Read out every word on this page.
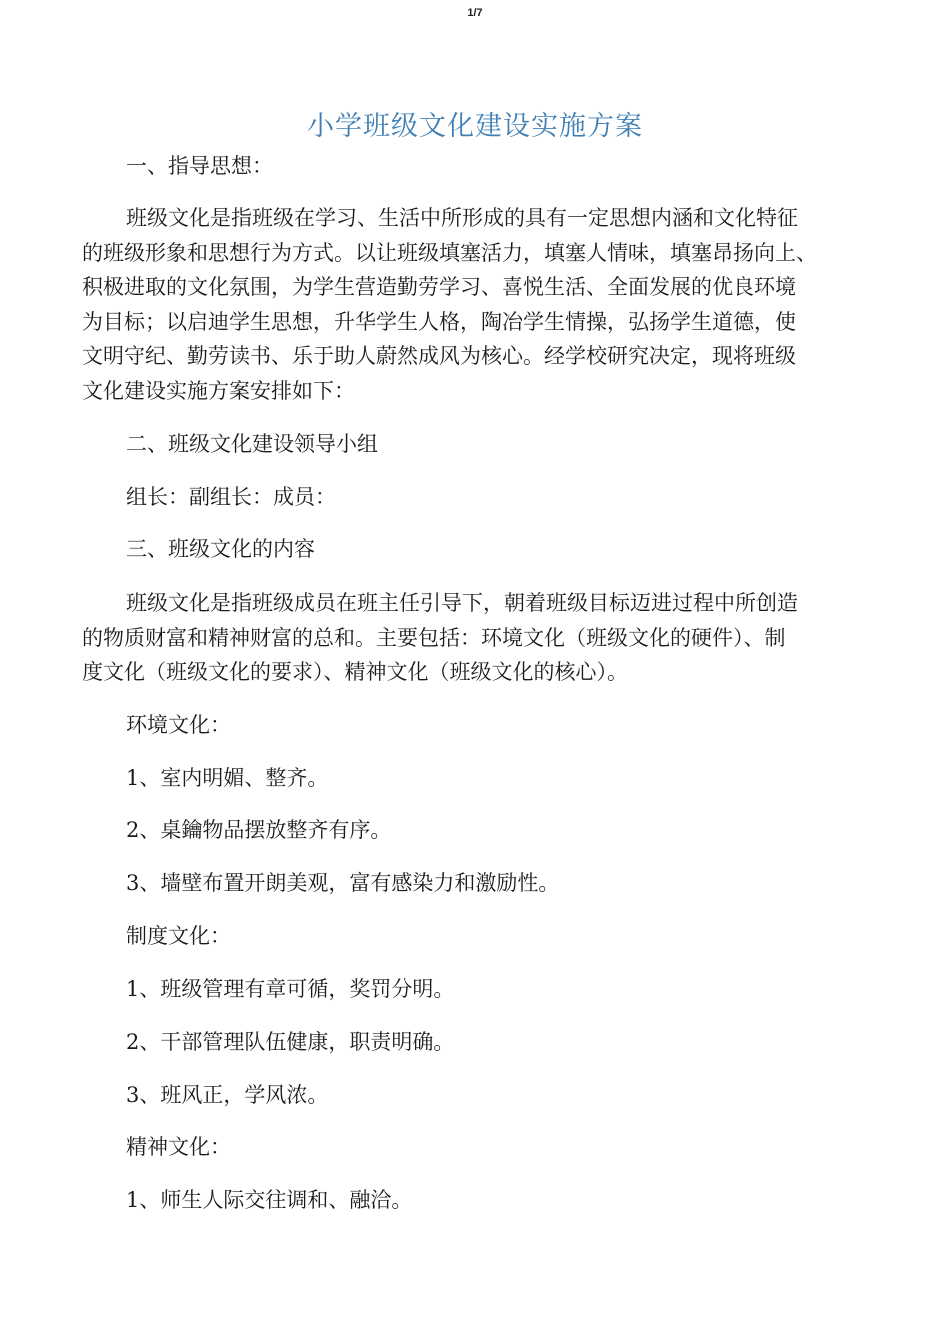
1/7
小学班级文化建设实施方案
一、指导思想：
班级文化是指班级在学习、生活中所形成的具有一定思想内涵和文化特征
的班级形象和思想行为方式。以让班级填塞活力，填塞人情味，填塞昂扬向上、
积极进取的文化氛围，为学生营造勤劳学习、喜悦生活、全面发展的优良环境
为目标；以启迪学生思想，升华学生人格，陶冶学生情操，弘扬学生道德，使
文明守纪、勤劳读书、乐于助人蔚然成风为核心。经学校研究决定，现将班级
文化建设实施方案安排如下：
二、班级文化建设领导小组
组长：副组长：成员：
三、班级文化的内容
班级文化是指班级成员在班主任引导下，朝着班级目标迈进过程中所创造
的物质财富和精神财富的总和。主要包括：环境文化（班级文化的硬件）、制
度文化（班级文化的要求）、精神文化（班级文化的核心）。
环境文化：
1、室内明媚、整齐。
2、桌鑰物品摆放整齐有序。
3、墙壁布置开朗美观，富有感染力和激励性。
制度文化：
1、班级管理有章可循，奖罚分明。
2、干部管理队伍健康，职责明确。
3、班风正，学风浓。
精神文化：
1、师生人际交往调和、融洽。
